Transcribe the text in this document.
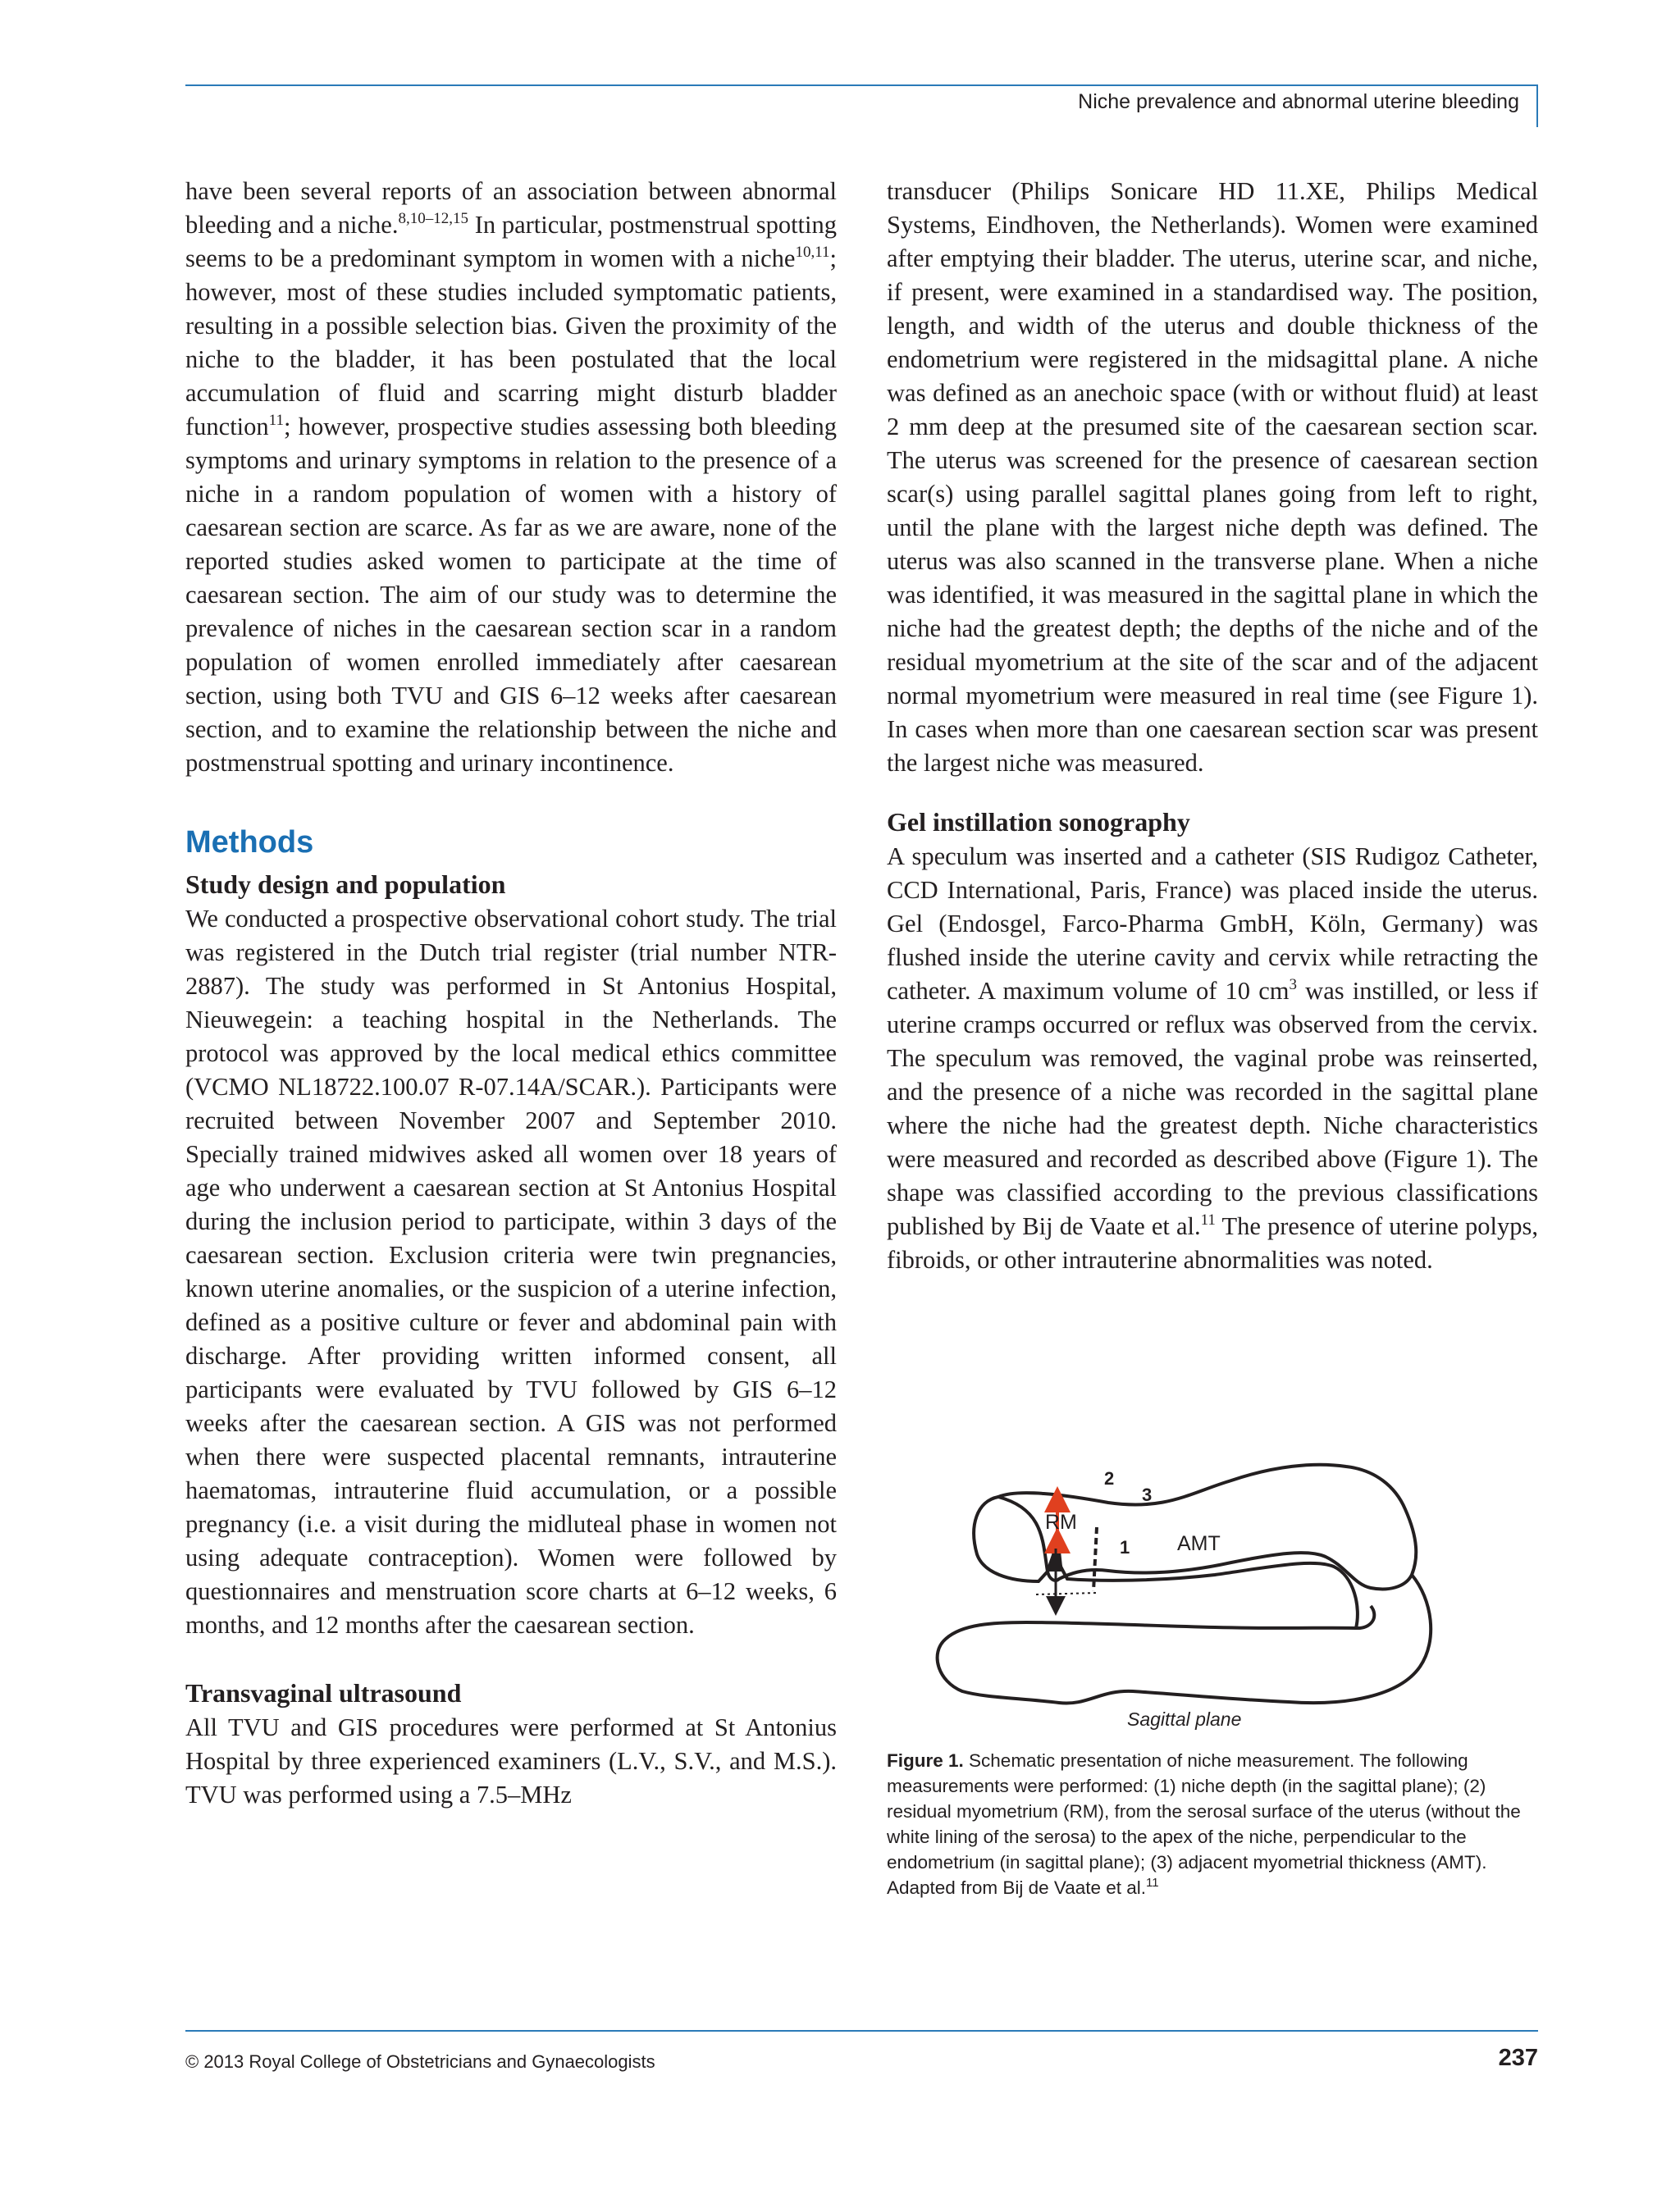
Niche prevalence and abnormal uterine bleeding

have been several reports of an association between abnormal bleeding and a niche.$^{8,10-12,15}$ In particular, postmenstrual spotting seems to be a predominant symptom in women with a niche$^{10,11}$; however, most of these studies included symptomatic patients, resulting in a possible selection bias. Given the proximity of the niche to the bladder, it has been postulated that the local accumulation of fluid and scarring might disturb bladder function$^{11}$; however, prospective studies assessing both bleeding symptoms and urinary symptoms in relation to the presence of a niche in a random population of women with a history of caesarean section are scarce. As far as we are aware, none of the reported studies asked women to participate at the time of caesarean section. The aim of our study was to determine the prevalence of niches in the caesarean section scar in a random population of women enrolled immediately after caesarean section, using both TVU and GIS 6–12 weeks after caesarean section, and to examine the relationship between the niche and postmenstrual spotting and urinary incontinence.

Methods
Study design and population

We conducted a prospective observational cohort study. The trial was registered in the Dutch trial register (trial number NTR-2887). The study was performed in St Antonius Hospital, Nieuwegein: a teaching hospital in the Netherlands. The protocol was approved by the local medical ethics committee (VCMO NL18722.100.07 R-07.14A/SCAR.). Participants were recruited between November 2007 and September 2010. Specially trained midwives asked all women over 18 years of age who underwent a caesarean section at St Antonius Hospital during the inclusion period to participate, within 3 days of the caesarean section. Exclusion criteria were twin pregnancies, known uterine anomalies, or the suspicion of a uterine infection, defined as a positive culture or fever and abdominal pain with discharge. After providing written informed consent, all participants were evaluated by TVU followed by GIS 6–12 weeks after the caesarean section. A GIS was not performed when there were suspected placental remnants, intrauterine haematomas, intrauterine fluid accumulation, or a possible pregnancy (i.e. a visit during the midluteal phase in women not using adequate contraception). Women were followed by questionnaires and menstruation score charts at 6–12 weeks, 6 months, and 12 months after the caesarean section.

Transvaginal ultrasound

All TVU and GIS procedures were performed at St Antonius Hospital by three experienced examiners (L.V., S.V., and M.S.). TVU was performed using a 7.5–MHz

transducer (Philips Sonicare HD 11.XE, Philips Medical Systems, Eindhoven, the Netherlands). Women were examined after emptying their bladder. The uterus, uterine scar, and niche, if present, were examined in a standardised way. The position, length, and width of the uterus and double thickness of the endometrium were registered in the midsagittal plane. A niche was defined as an anechoic space (with or without fluid) at least 2 mm deep at the presumed site of the caesarean section scar. The uterus was screened for the presence of caesarean section scar(s) using parallel sagittal planes going from left to right, until the plane with the largest niche depth was defined. The uterus was also scanned in the transverse plane. When a niche was identified, it was measured in the sagittal plane in which the niche had the greatest depth; the depths of the niche and of the residual myometrium at the site of the scar and of the adjacent normal myometrium were measured in real time (see Figure 1). In cases when more than one caesarean section scar was present the largest niche was measured.

Gel instillation sonography

A speculum was inserted and a catheter (SIS Rudigoz Catheter, CCD International, Paris, France) was placed inside the uterus. Gel (Endosgel, Farco-Pharma GmbH, Köln, Germany) was flushed inside the uterine cavity and cervix while retracting the catheter. A maximum volume of 10 $cm^3$ was instilled, or less if uterine cramps occurred or reflux was observed from the cervix. The speculum was removed, the vaginal probe was reinserted, and the presence of a niche was recorded in the sagittal plane where the niche had the greatest depth. Niche characteristics were measured and recorded as described above (Figure 1). The shape was classified according to the previous classifications published by Bij de Vaate et al.$^{11}$ The presence of uterine polyps, fibroids, or other intrauterine abnormalities was noted.

2
3
1
RM
AMT
Sagittal plane
Figure 1. Schematic presentation of niche measurement. The following measurements were performed: (1) niche depth (in the sagittal plane); (2) residual myometrium (RM), from the serosal surface of the uterus (without the white lining of the serosa) to the apex of the niche, perpendicular to the endometrium (in sagittal plane); (3) adjacent myometrial thickness (AMT). Adapted from Bij de Vaate et al.$^{11}$
© 2013 Royal College of Obstetricians and Gynaecologists	237
